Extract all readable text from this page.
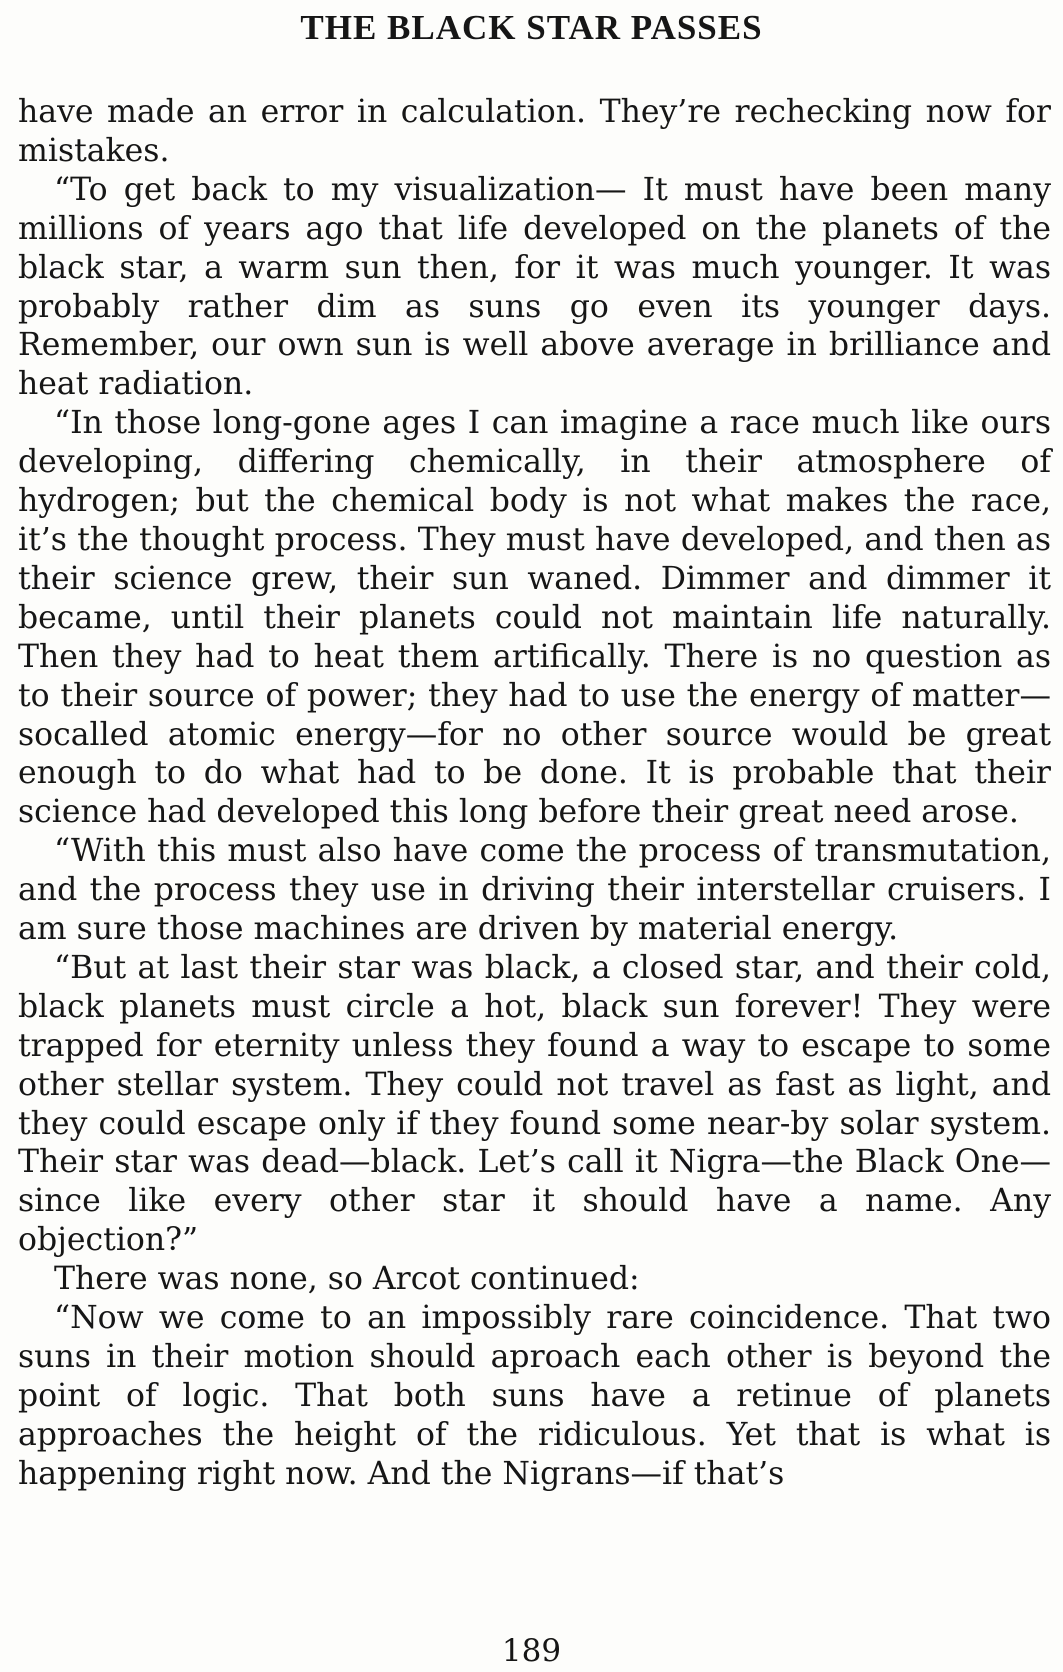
THE BLACK STAR PASSES

have made an error in calculation. They’re rechecking now for mistakes.

“To get back to my visualization— It must have been many millions of years ago that life developed on the planets of the black star, a warm sun then, for it was much younger. It was probably rather dim as suns go even its younger days. Remember, our own sun is well above average in brilliance and heat radiation.

“In those long-gone ages I can imagine a race much like ours developing, differing chemically, in their atmosphere of hydrogen; but the chemical body is not what makes the race, it’s the thought process. They must have developed, and then as their science grew, their sun waned. Dimmer and dimmer it became, until their planets could not maintain life naturally. Then they had to heat them artifically. There is no question as to their source of power; they had to use the energy of matter—socalled atomic energy—for no other source would be great enough to do what had to be done. It is probable that their science had developed this long before their great need arose.

“With this must also have come the process of transmutation, and the process they use in driving their interstellar cruisers. I am sure those machines are driven by material energy.

“But at last their star was black, a closed star, and their cold, black planets must circle a hot, black sun forever! They were trapped for eternity unless they found a way to escape to some other stellar system. They could not travel as fast as light, and they could escape only if they found some near-by solar system. Their star was dead—black. Let’s call it Nigra—the Black One—since like every other star it should have a name. Any objection?”

There was none, so Arcot continued:

“Now we come to an impossibly rare coincidence. That two suns in their motion should aproach each other is beyond the point of logic. That both suns have a retinue of planets approaches the height of the ridiculous. Yet that is what is happening right now. And the Nigrans—if that’s

189
